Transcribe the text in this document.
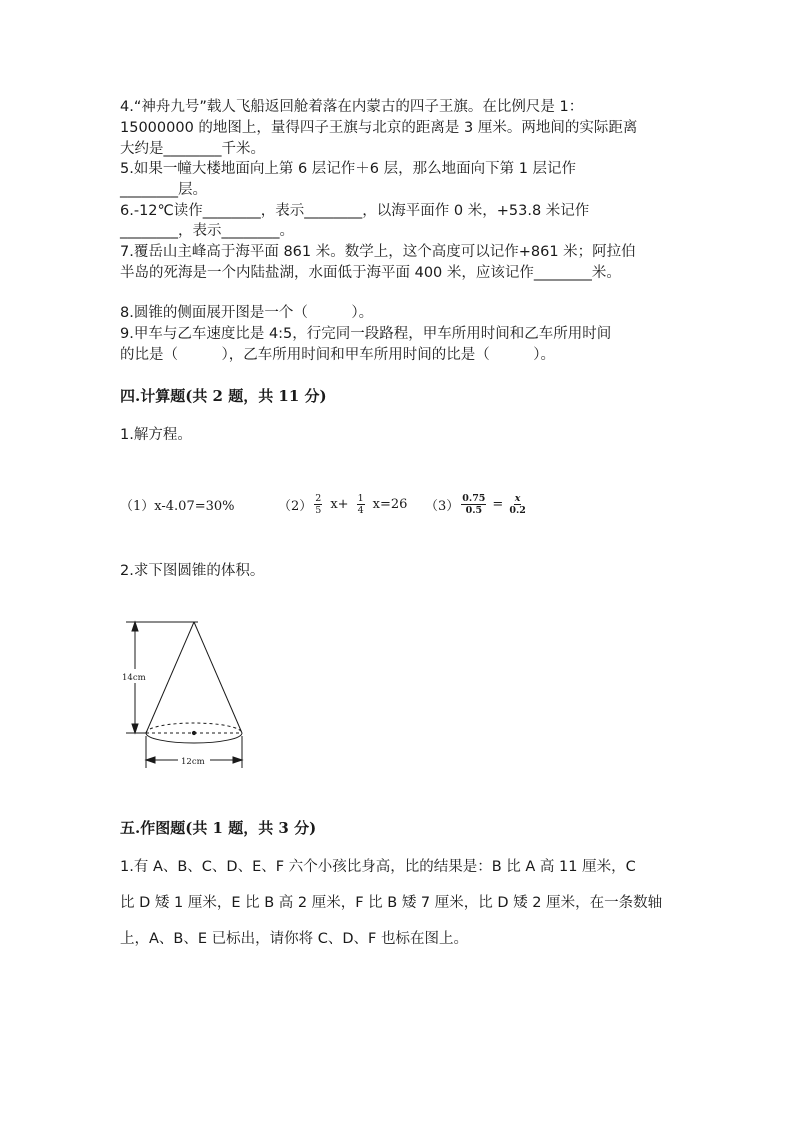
4.“神舟九号”载人飞船返回舱着落在内蒙古的四子王旗。在比例尺是 1：
15000000 的地图上，量得四子王旗与北京的距离是 3 厘米。两地间的实际距离
大约是________千米。
5.如果一幢大楼地面向上第 6 层记作＋6 层，那么地面向下第 1 层记作
________层。
6.-12℃读作________，表示________，以海平面作 0 米，+53.8 米记作
________，表示________。
7.覆岳山主峰高于海平面 861 米。数学上，这个高度可以记作+861 米；阿拉伯
半岛的死海是一个内陆盐湖，水面低于海平面 400 米，应该记作________米。
8.圆锥的侧面展开图是一个（　　　）。
9.甲车与乙车速度比是 4:5，行完同一段路程，甲车所用时间和乙车所用时间
的比是（　　　），乙车所用时间和甲车所用时间的比是（　　　）。
四.计算题(共 2 题，共 11 分)
1.解方程。
（1）x-4.07=30%	$(2) \frac{2}{5} x+ \frac{1}{4} x=26$ $(3) \frac{0.75}{0.5} = \frac{x}{0.2}$
2.求下图圆锥的体积。
14cm
12cm
五.作图题(共 1 题，共 3 分)
1.有 A、B、C、D、E、F 六个小孩比身高，比的结果是：B 比 A 高 11 厘米，C
比 D 矮 1 厘米，E 比 B 高 2 厘米，F 比 B 矮 7 厘米，比 D 矮 2 厘米，在一条数轴
上，A、B、E 已标出，请你将 C、D、F 也标在图上。
